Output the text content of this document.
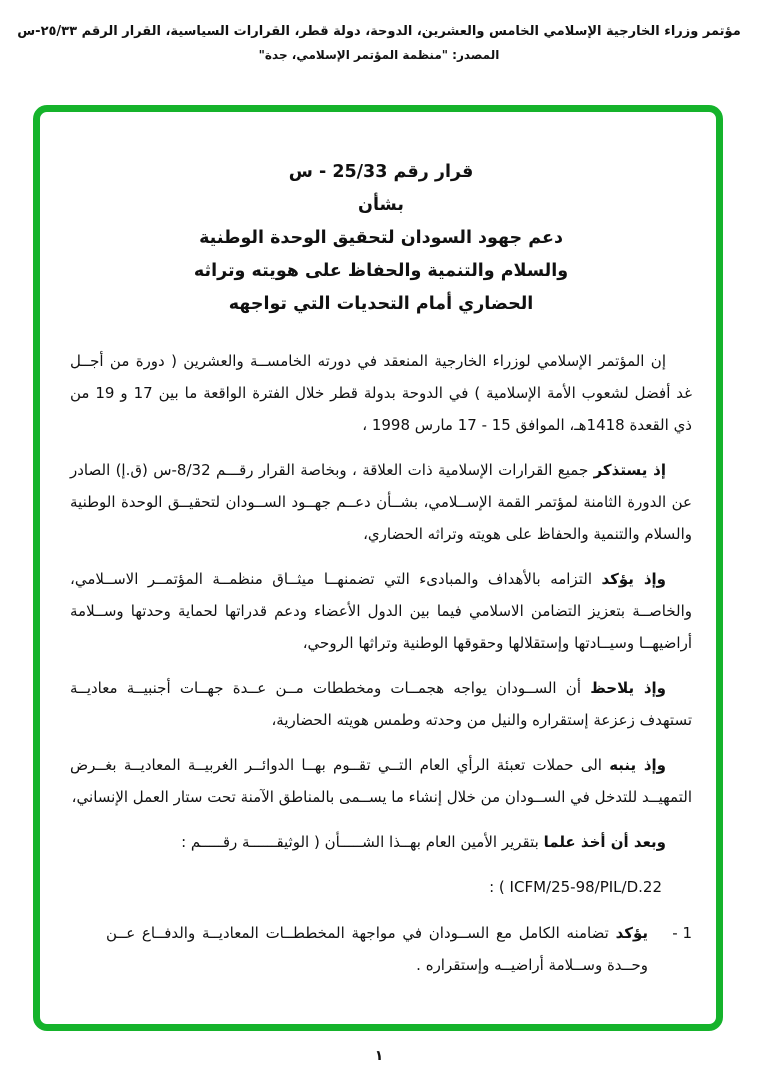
مؤتمر وزراء الخارجية الإسلامي الخامس والعشرين، الدوحة، دولة قطر، القرارات السياسية، القرار الرقم ٢٥/٣٣-س
المصدر: "منظمة المؤتمر الإسلامي، جدة"
قرار رقم 25/33 - س
بشأن
دعم جهود السودان لتحقيق الوحدة الوطنية
والسلام والتنمية والحفاظ على هويته وتراثه
الحضاري أمام التحديات التي تواجهه
إن المؤتمر الإسلامي لوزراء الخارجية المنعقد في دورته الخامســة والعشرين ( دورة من أجــل غد أفضل لشعوب الأمة الإسلامية ) في الدوحة بدولة قطر خلال الفترة الواقعة ما بين 17 و 19 من ذي القعدة 1418هـ، الموافق 15 - 17 مارس 1998 ،
إذ يستذكر جميع القرارات الإسلامية ذات العلاقة ، وبخاصة القرار رقـــم 8/32-س (ق.إ) الصادر عن الدورة الثامنة لمؤتمر القمة الإســلامي، بشــأن دعــم جهــود الســودان لتحقيــق الوحدة الوطنية والسلام والتنمية والحفاظ على هويته وتراثه الحضاري،
وإذ يؤكد التزامه بالأهداف والمبادىء التي تضمنهــا ميثــاق منظمــة المؤتمــر الاســلامي، والخاصــة بتعزيز التضامن الاسلامي فيما بين الدول الأعضاء ودعم قدراتها لحماية وحدتها وســلامة أراضيهــا وسيــادتها وإستقلالها وحقوقها الوطنية وتراثها الروحي،
وإذ يلاحظ أن الســودان يواجه هجمــات ومخططات مــن عــدة جهــات أجنبيــة معاديــة تستهدف زعزعة إستقراره والنيل من وحدته وطمس هويته الحضارية،
وإذ ينبه الى حملات تعبئة الرأي العام التــي تقــوم بهــا الدوائــر الغربيــة المعاديــة بغــرض التمهيــد للتدخل في الســودان من خلال إنشاء ما يســمى بالمناطق الآمنة تحت ستار العمل الإنساني،
وبعد أن أخذ علما بتقرير الأمين العام بهــذا الشـــــأن ( الوثيقــــــة رقـــــم :
ICFM/25-98/PIL/D.22 ) :
1 -
يؤكد تضامنه الكامل مع الســودان في مواجهة المخططــات المعاديــة والدفــاع عــن وحــدة وســلامة أراضيــه وإستقراره .
١
